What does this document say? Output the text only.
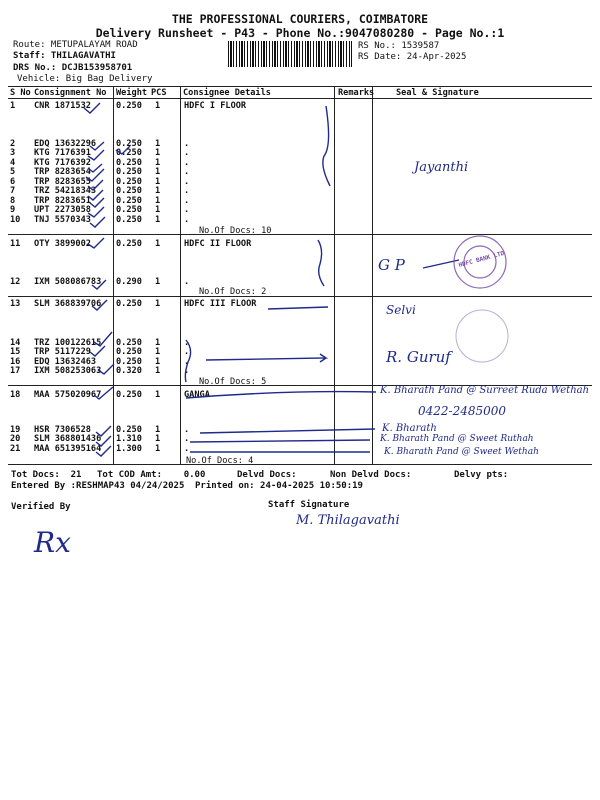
THE PROFESSIONAL COURIERS, COIMBATORE
Delivery Runsheet - P43 - Phone No.:9047080280 - Page No.:1
Route: METUPALAYAM ROAD
Staff: THILAGAVATHI
DRS No.: DCJB153958701
Vehicle: Big Bag Delivery
RS No.: 1539587
RS Date: 24-Apr-2025
S No Consignment No Weight PCS Consignee Details	Remarks	Seal & Signature
1 CNR 1871532	0.250 1	HDFC I FLOOR
2 EDQ 13632296 0.250 1	.
3 KTG 7176391	0.250 1	.
4 KTG 7176392	0.250 1	.
5 TRP 8283654	0.250 1	.
6 TRP 8283655	0.250 1	.
7 TRZ 54218343 0.250 1	.
8 TRP 8283651	0.250 1	.
9 UPT 2273058	0.250 1	.
10 TNJ 5570343	0.250 1	.
11 OTY 3899002	0.250 1	HDFC II FLOOR
12 IXM 508086783 0.290 1	.
13 SLM 368839706 0.250 1	HDFC III FLOOR
14 TRZ 100122615 0.250 1	.
15 TRP 5117229	0.250 1	.
16 EDQ 13632463 0.250 1	.
17 IXM 508253063 0.320 1	.
18 MAA 575020967 0.250 1	GANGA
19 HSR 7306528	0.250 1	.
20 SLM 368801436 1.310 1	.
21 MAA 651395164 1.300 1	.
No.Of Docs: 10
No.Of Docs: 2
No.Of Docs: 5
No.Of Docs: 4
Tot Docs: 21 Tot COD Amt: 0.00	Delvd Docs:	Non Delvd Docs:	Delvy pts:
Entered By :RESHMAP43 04/24/2025 Printed on: 24-04-2025 10:50:19
Verified By	Staff Signature
HDFC BANK LTD
Jayanthi
G P
Selvi
R. Guruf
K. Bharath Pand @ Surreet Ruda Wethah
0422-2485000
K. Bharath
K. Bharath Pand @ Sweet Ruthah
K. Bharath Pand @ Sweet Wethah
M. Thilagavathi
Rx
